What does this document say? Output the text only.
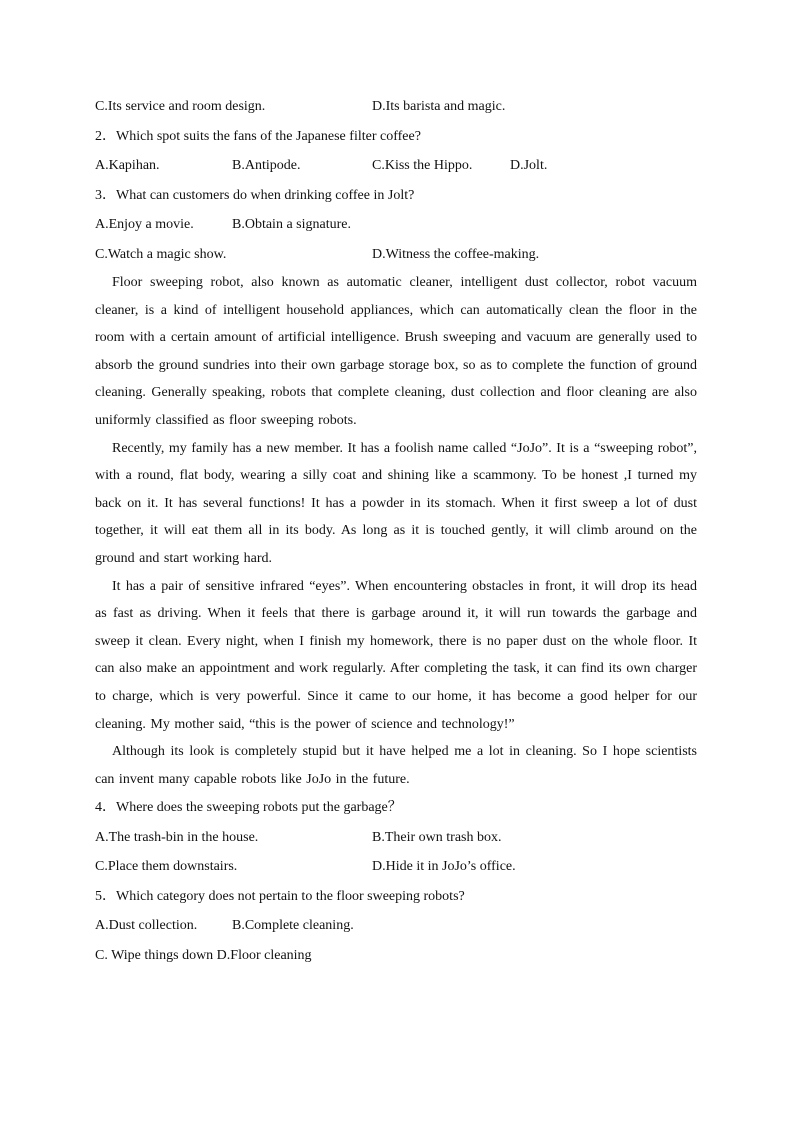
C.Its service and room design.	D.Its barista and magic.
2．Which spot suits the fans of the Japanese filter coffee?
A.Kapihan.	B.Antipode.	C.Kiss the Hippo.	D.Jolt.
3．What can customers do when drinking coffee in Jolt?
A.Enjoy a movie.	B.Obtain a signature.
C.Watch a magic show.	D.Witness the coffee-making.

Floor sweeping robot, also known as automatic cleaner, intelligent dust collector, robot vacuum cleaner, is a kind of intelligent household appliances, which can automatically clean the floor in the room with a certain amount of artificial intelligence. Brush sweeping and vacuum are generally used to absorb the ground sundries into their own garbage storage box, so as to complete the function of ground cleaning. Generally speaking, robots that complete cleaning, dust collection and floor cleaning are also uniformly classified as floor sweeping robots.

Recently, my family has a new member. It has a foolish name called “JoJo”. It is a “sweeping robot”, with a round, flat body, wearing a silly coat and shining like a scammony. To be honest ,I turned my back on it. It has several functions! It has a powder in its stomach. When it first sweep a lot of dust together, it will eat them all in its body. As long as it is touched gently, it will climb around on the ground and start working hard.

It has a pair of sensitive infrared “eyes”. When encountering obstacles in front, it will drop its head as fast as driving. When it feels that there is garbage around it, it will run towards the garbage and sweep it clean. Every night, when I finish my homework, there is no paper dust on the whole floor. It can also make an appointment and work regularly. After completing the task, it can find its own charger to charge, which is very powerful. Since it came to our home, it has become a good helper for our cleaning. My mother said, “this is the power of science and technology!”

Although its look is completely stupid but it have helped me a lot in cleaning. So I hope scientists can invent many capable robots like JoJo in the future.

4．Where does the sweeping robots put the garbage？
A.The trash-bin in the house.	B.Their own trash box.
C.Place them downstairs.	D.Hide it in JoJo’s office.
5．Which category does not pertain to the floor sweeping robots?
A.Dust collection. B.Complete cleaning.
C. Wipe things down D.Floor cleaning
